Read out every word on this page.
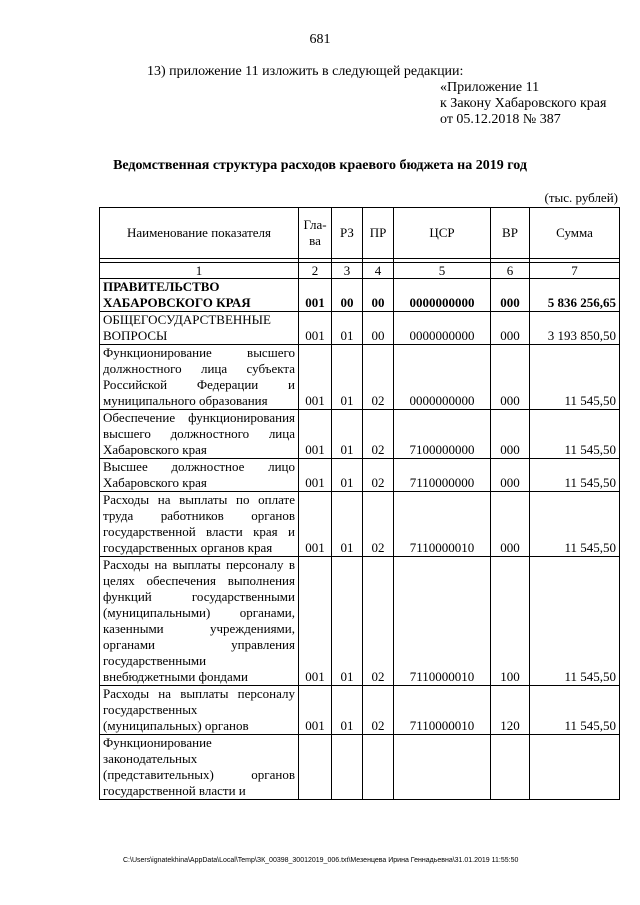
681
13) приложение 11 изложить в следующей редакции:
«Приложение 11
к Закону Хабаровского края
от 05.12.2018 № 387
Ведомственная структура расходов краевого бюджета на 2019 год
(тыс. рублей)
Наименование показателя	Гла-ва	РЗ	ПР	ЦСР	ВР	Сумма

1	2	3	4	5	6	7
ПРАВИТЕЛЬСТВО ХАБАРОВСКОГО КРАЯ	001	00	00	0000000000	000	5 836 256,65
ОБЩЕГОСУДАРСТВЕННЫЕ ВОПРОСЫ	001	01	00	0000000000	000	3 193 850,50
Функционирование высшего должностного лица субъекта Российской Федерации и муниципального образования	001	01	02	0000000000	000	11 545,50
Обеспечение функционирования высшего должностного лица Хабаровского края	001	01	02	7100000000	000	11 545,50
Высшее должностное лицо Хабаровского края	001	01	02	7110000000	000	11 545,50
Расходы на выплаты по оплате труда работников органов государственной власти края и государственных органов края	001	01	02	7110000010	000	11 545,50
Расходы на выплаты персоналу в целях обеспечения выполнения функций государственными (муниципальными) органами, казенными учреждениями, органами управления государственными внебюджетными фондами	001	01	02	7110000010	100	11 545,50
Расходы на выплаты персоналу государственных (муниципальных) органов	001	01	02	7110000010	120	11 545,50
Функционирование законодательных (представительных) органов государственной власти и						
C:\Users\ignatekhina\AppData\Local\Temp\ЗК_00398_30012019_006.txt\Мезенцева Ирина Геннадьевна\31.01.2019 11:55:50
